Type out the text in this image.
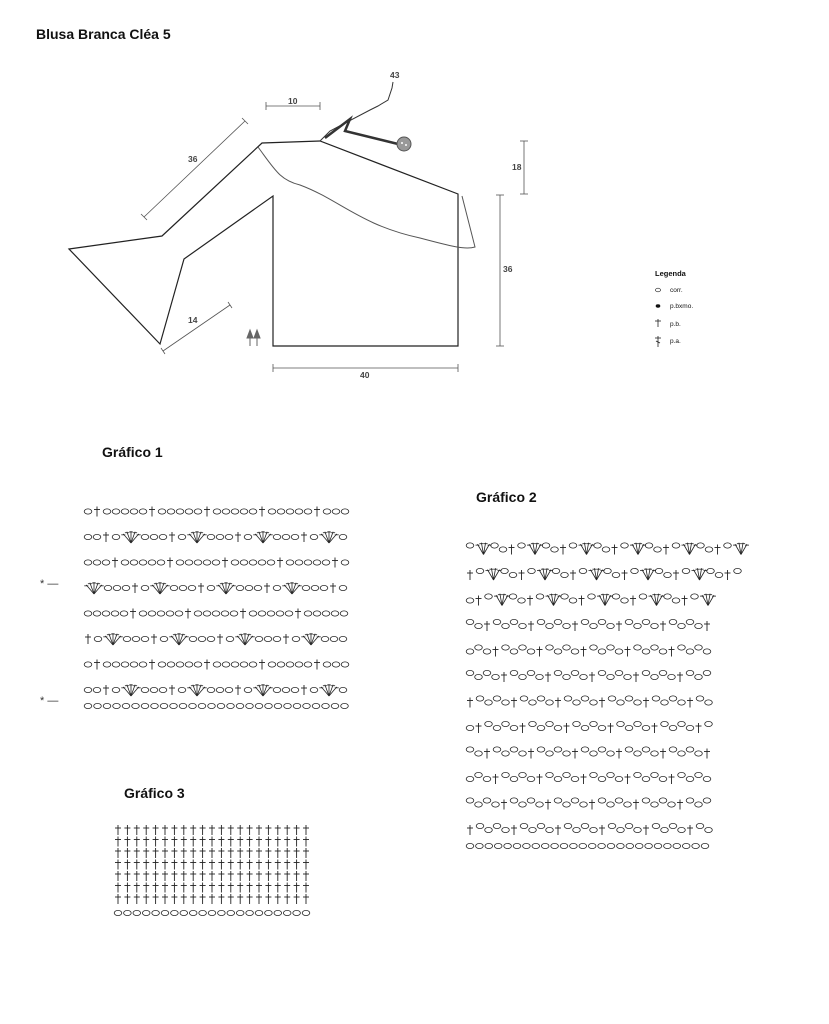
Blusa Branca Cléa 5
10
43
36
18
36
14
40
Legenda
corr.
p.bxmo.
p.b.
p.a.
Gráfico 1
Gráfico 2
Gráfico 3
* —
* —
